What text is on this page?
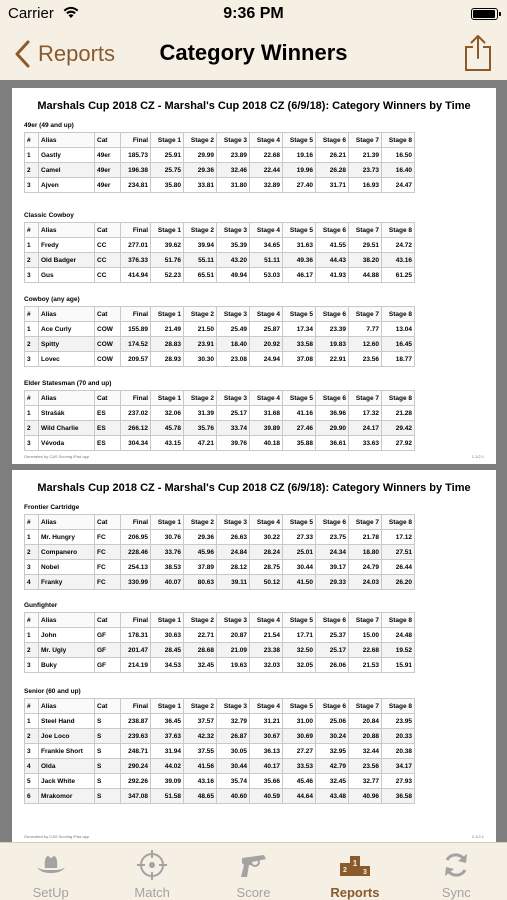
Carrier	9:36 PM
Reports	Category Winners
Marshals Cup 2018 CZ - Marshal's Cup 2018 CZ (6/9/18): Category Winners by Time
Generated by CAS Scoring iPad app	1.1/2.1
49er (49 and up)
#	Alias	Cat	Final	Stage 1	Stage 2	Stage 3	Stage 4	Stage 5	Stage 6	Stage 7	Stage 8
1	Gastly	49er	185.73	25.91	29.99	23.89	22.68	19.16	26.21	21.39	16.50
2	Camel	49er	196.38	25.75	29.36	32.46	22.44	19.96	26.28	23.73	16.40
3	Ajven	49er	234.81	35.80	33.81	31.80	32.89	27.40	31.71	16.93	24.47
Classic Cowboy
#	Alias	Cat	Final	Stage 1	Stage 2	Stage 3	Stage 4	Stage 5	Stage 6	Stage 7	Stage 8
1	Fredy	CC	277.01	39.62	39.94	35.39	34.65	31.63	41.55	29.51	24.72
2	Old Badger	CC	376.33	51.76	55.11	43.20	51.11	49.36	44.43	38.20	43.16
3	Gus	CC	414.94	52.23	65.51	49.94	53.03	46.17	41.93	44.88	61.25
Cowboy (any age)
#	Alias	Cat	Final	Stage 1	Stage 2	Stage 3	Stage 4	Stage 5	Stage 6	Stage 7	Stage 8
1	Ace Curly	COW	155.89	21.49	21.50	25.49	25.87	17.34	23.39	7.77	13.04
2	Spitty	COW	174.52	28.83	23.91	18.40	20.92	33.58	19.83	12.60	16.45
3	Lovec	COW	209.57	28.93	30.30	23.08	24.94	37.08	22.91	23.56	18.77
Elder Statesman (70 and up)
#	Alias	Cat	Final	Stage 1	Stage 2	Stage 3	Stage 4	Stage 5	Stage 6	Stage 7	Stage 8
1	Strašák	ES	237.02	32.06	31.39	25.17	31.68	41.16	36.96	17.32	21.28
2	Wild Charlie	ES	266.12	45.78	35.76	33.74	39.89	27.46	29.90	24.17	29.42
3	Vévoda	ES	304.34	43.15	47.21	39.76	40.18	35.88	36.61	33.63	27.92
Marshals Cup 2018 CZ - Marshal's Cup 2018 CZ (6/9/18): Category Winners by Time
Generated by CAS Scoring iPad app	2.1/2.1
Frontier Cartridge
#	Alias	Cat	Final	Stage 1	Stage 2	Stage 3	Stage 4	Stage 5	Stage 6	Stage 7	Stage 8
1	Mr. Hungry	FC	206.95	30.76	29.36	26.63	30.22	27.33	23.75	21.78	17.12
2	Companero	FC	228.46	33.76	45.96	24.84	28.24	25.01	24.34	18.80	27.51
3	Nobel	FC	254.13	38.53	37.89	28.12	28.75	30.44	39.17	24.79	26.44
4	Franky	FC	330.99	40.07	80.63	39.11	50.12	41.50	29.33	24.03	26.20
Gunfighter
#	Alias	Cat	Final	Stage 1	Stage 2	Stage 3	Stage 4	Stage 5	Stage 6	Stage 7	Stage 8
1	John	GF	178.31	30.63	22.71	20.87	21.54	17.71	25.37	15.00	24.48
2	Mr. Ugly	GF	201.47	28.45	28.68	21.09	23.38	32.50	25.17	22.68	19.52
3	Buky	GF	214.19	34.53	32.45	19.63	32.03	32.05	26.06	21.53	15.91
Senior (60 and up)
#	Alias	Cat	Final	Stage 1	Stage 2	Stage 3	Stage 4	Stage 5	Stage 6	Stage 7	Stage 8
1	Steel Hand	S	238.87	36.45	37.57	32.79	31.21	31.00	25.06	20.84	23.95
2	Joe Loco	S	239.63	37.63	42.32	26.87	30.67	30.69	30.24	20.88	20.33
3	Frankie Short	S	248.71	31.94	37.55	30.05	36.13	27.27	32.95	32.44	20.38
4	Olda	S	290.24	44.02	41.56	30.44	40.17	33.53	42.79	23.56	34.17
5	Jack White	S	292.26	39.09	43.16	35.74	35.66	45.46	32.45	32.77	27.93
6	Mrakomor	S	347.08	51.58	48.65	40.60	40.59	44.64	43.48	40.96	36.58
SetUp	Match	Score
1
2 3
Reports	Sync
